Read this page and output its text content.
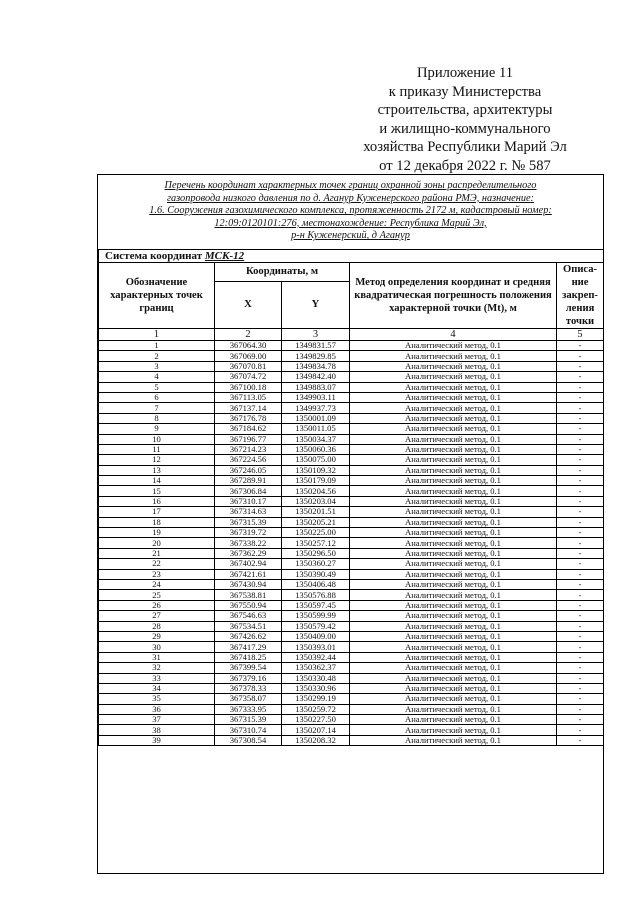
Приложение 11
к приказу Министерства
строительства, архитектуры
и жилищно-коммунального
хозяйства Республики Марий Эл
от 12 декабря 2022 г. № 587
Перечень координат характерных точек границ охранной зоны распределительного
газопровода низкого давления по д. Агануp Кужeнерского района РМЭ, назначение:
1.6. Сооружения газохимического комплекса, протяженность 2172 м, кадастровый номер:
12:09:0120101:276, местонахождение: Республика Марий Эл,
р-н Куженерский, д Агануp
Система координат МСК-12				
Обозначение характерных точек границ	Координаты, м		Метод определения координат и средняя квадратическая погрешность положения характерной точки (Mt), м	Описа-ние закреп-ления точки
	X	Y		
1	2	3	4	5
1	367064.30	1349831.57	Аналитический метод, 0.1	-
2	367069.00	1349829.85	Аналитический метод, 0.1	-
3	367070.81	1349834.78	Аналитический метод, 0.1	-
4	367074.72	1349842.40	Аналитический метод, 0.1	-
5	367100.18	1349883.07	Аналитический метод, 0.1	-
6	367113.05	1349903.11	Аналитический метод, 0.1	-
7	367137.14	1349937.73	Аналитический метод, 0.1	-
8	367176.78	1350001.09	Аналитический метод, 0.1	-
9	367184.62	1350011.05	Аналитический метод, 0.1	-
10	367196.77	1350034.37	Аналитический метод, 0.1	-
11	367214.23	1350060.36	Аналитический метод, 0.1	-
12	367224.56	1350075.00	Аналитический метод, 0.1	-
13	367246.05	1350109.32	Аналитический метод, 0.1	-
14	367289.91	1350179.09	Аналитический метод, 0.1	-
15	367306.84	1350204.56	Аналитический метод, 0.1	-
16	367310.17	1350203.04	Аналитический метод, 0.1	-
17	367314.63	1350201.51	Аналитический метод, 0.1	-
18	367315.39	1350205.21	Аналитический метод, 0.1	-
19	367319.72	1350225.00	Аналитический метод, 0.1	-
20	367338.22	1350257.12	Аналитический метод, 0.1	-
21	367362.29	1350296.50	Аналитический метод, 0.1	-
22	367402.94	1350360.27	Аналитический метод, 0.1	-
23	367421.61	1350390.49	Аналитический метод, 0.1	-
24	367430.94	1350406.48	Аналитический метод, 0.1	-
25	367538.81	1350576.88	Аналитический метод, 0.1	-
26	367550.94	1350597.45	Аналитический метод, 0.1	-
27	367546.63	1350599.99	Аналитический метод, 0.1	-
28	367534.51	1350579.42	Аналитический метод, 0.1	-
29	367426.62	1350409.00	Аналитический метод, 0.1	-
30	367417.29	1350393.01	Аналитический метод, 0.1	-
31	367418.25	1350392.44	Аналитический метод, 0.1	-
32	367399.54	1350362.37	Аналитический метод, 0.1	-
33	367379.16	1350330.48	Аналитический метод, 0.1	-
34	367378.33	1350330.96	Аналитический метод, 0.1	-
35	367358.07	1350299.19	Аналитический метод, 0.1	-
36	367333.95	1350259.72	Аналитический метод, 0.1	-
37	367315.39	1350227.50	Аналитический метод, 0.1	-
38	367310.74	1350207.14	Аналитический метод, 0.1	-
39	367308.54	1350208.32	Аналитический метод, 0.1	-
